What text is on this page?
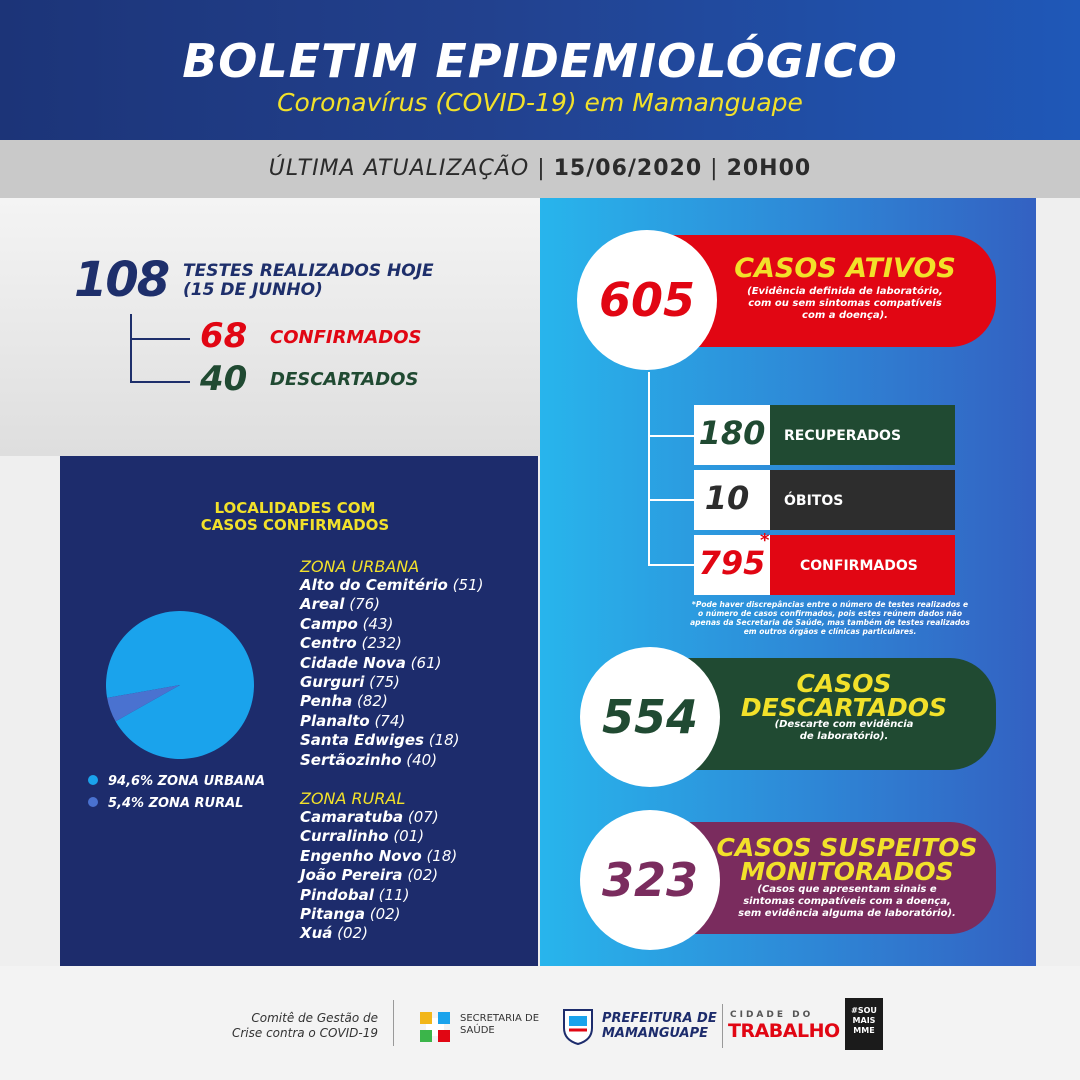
BOLETIM EPIDEMIOLÓGICO
Coronavírus (COVID-19) em Mamanguape
ÚLTIMA ATUALIZAÇÃO | 15/06/2020 | 20H00
108 TESTES REALIZADOS HOJE
(15 DE JUNHO)
68 CONFIRMADOS
40 DESCARTADOS
LOCALIDADES COM
CASOS CONFIRMADOS
94,6% ZONA URBANA
5,4% ZONA RURAL
ZONA URBANA
Alto do Cemitério (51)
Areal (76)
Campo (43)
Centro (232)
Cidade Nova (61)
Gurguri (75)
Penha (82)
Planalto (74)
Santa Edwiges (18)
Sertãozinho (40)
ZONA RURAL
Camaratuba (07)
Curralinho (01)
Engenho Novo (18)
João Pereira (02)
Pindobal (11)
Pitanga (02)
Xuá (02)
605
CASOS ATIVOS
(Evidência definida de laboratório,
com ou sem sintomas compatíveis
com a doença).
180	RECUPERADOS
10	ÓBITOS
795
*
CONFIRMADOS
*Pode haver discrepâncias entre o número de testes realizados e o número de casos confirmados, pois estes reúnem dados não apenas da Secretaria de Saúde, mas também de testes realizados em outros órgãos e clínicas particulares.
554
CASOS
DESCARTADOS
(Descarte com evidência
de laboratório).
323
CASOS SUSPEITOS
MONITORADOS
(Casos que apresentam sinais e
sintomas compatíveis com a doença,
sem evidência alguma de laboratório).
Comitê de Gestão de
Crise contra o COVID-19
SECRETARIA DE
SAÚDE
PREFEITURA DE
MAMANGUAPE
CIDADE DO
TRABALHO
#SOU MAIS MME
